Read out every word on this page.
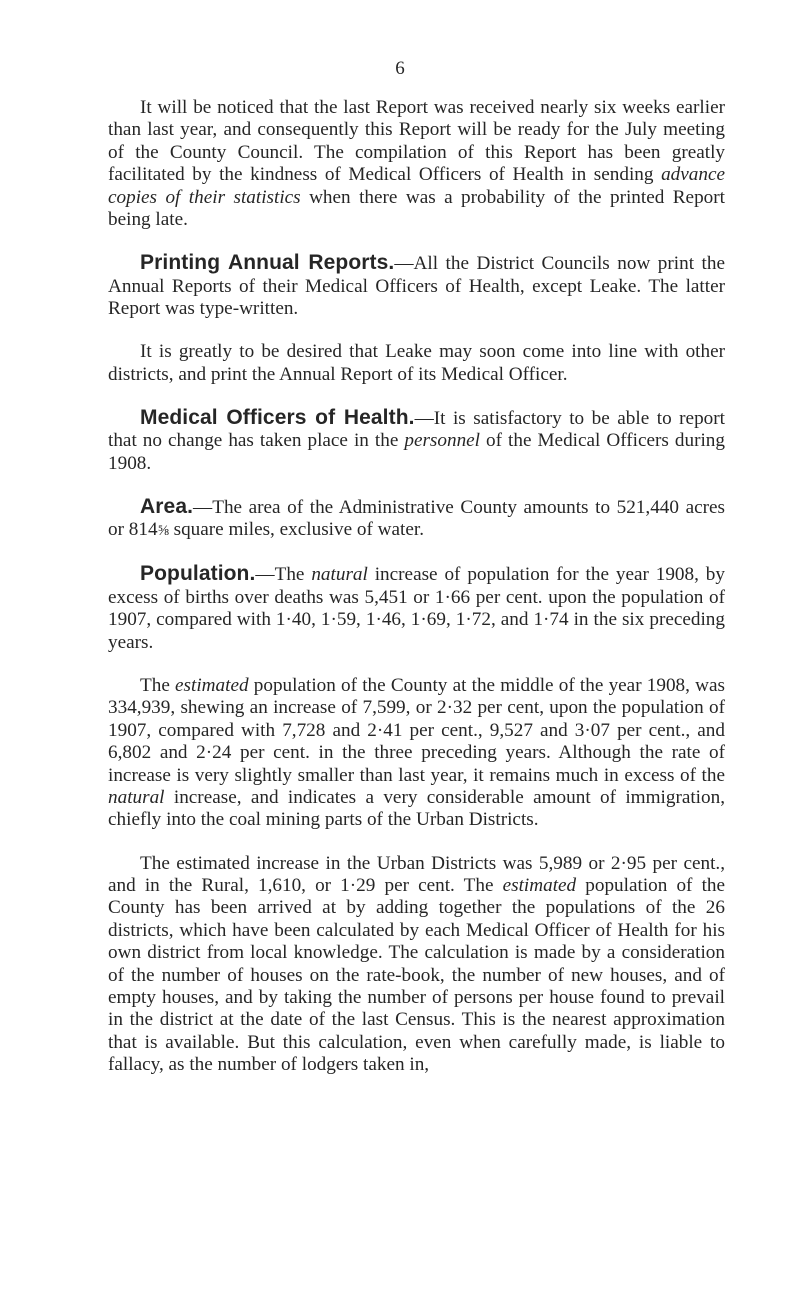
6

It will be noticed that the last Report was received nearly six weeks earlier than last year, and consequently this Report will be ready for the July meeting of the County Council. The compilation of this Report has been greatly facilitated by the kindness of Medical Officers of Health in sending advance copies of their statistics when there was a probability of the printed Report being late.

Printing Annual Reports.—All the District Councils now print the Annual Reports of their Medical Officers of Health, except Leake. The latter Report was type-written.

It is greatly to be desired that Leake may soon come into line with other districts, and print the Annual Report of its Medical Officer.

Medical Officers of Health.—It is satisfactory to be able to report that no change has taken place in the personnel of the Medical Officers during 1908.

Area.—The area of the Administrative County amounts to 521,440 acres or 814⅝ square miles, exclusive of water.

Population.—The natural increase of population for the year 1908, by excess of births over deaths was 5,451 or 1·66 per cent. upon the population of 1907, compared with 1·40, 1·59, 1·46, 1·69, 1·72, and 1·74 in the six preceding years.

The estimated population of the County at the middle of the year 1908, was 334,939, shewing an increase of 7,599, or 2·32 per cent, upon the population of 1907, compared with 7,728 and 2·41 per cent., 9,527 and 3·07 per cent., and 6,802 and 2·24 per cent. in the three preceding years. Although the rate of increase is very slightly smaller than last year, it remains much in excess of the natural increase, and indicates a very considerable amount of immigration, chiefly into the coal mining parts of the Urban Districts.

The estimated increase in the Urban Districts was 5,989 or 2·95 per cent., and in the Rural, 1,610, or 1·29 per cent. The estimated population of the County has been arrived at by adding together the populations of the 26 districts, which have been calculated by each Medical Officer of Health for his own district from local knowledge. The calculation is made by a consideration of the number of houses on the rate-book, the number of new houses, and of empty houses, and by taking the number of persons per house found to prevail in the district at the date of the last Census. This is the nearest approximation that is available. But this calculation, even when carefully made, is liable to fallacy, as the number of lodgers taken in,
